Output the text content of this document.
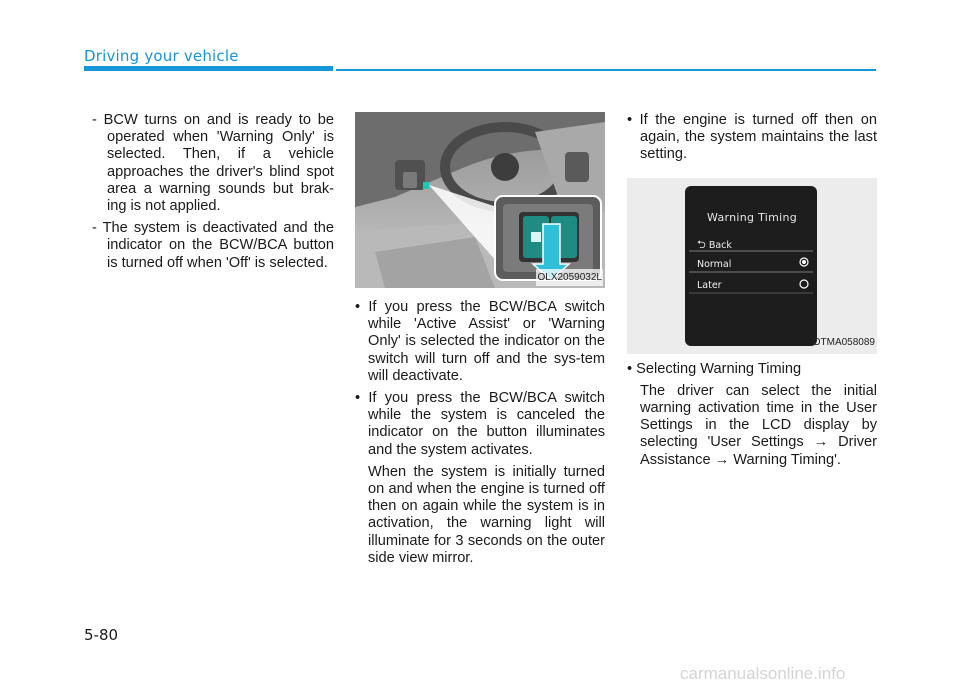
Driving your vehicle

- BCW turns on and is ready to be operated when 'Warning Only' is selected. Then, if a vehicle approaches the driver's blind spot area a warning sounds but brak-ing is not applied.

- The system is deactivated and the indicator on the BCW/BCA button is turned off when 'Off' is selected.

OLX2059032L

• If you press the BCW/BCA switch while 'Active Assist' or 'Warning Only' is selected the indicator on the switch will turn off and the sys-tem will deactivate.

• If you press the BCW/BCA switch while the system is canceled the indicator on the button illuminates and the system activates.

When the system is initially turned on and when the engine is turned off then on again while the system is in activation, the warning light will illuminate for 3 seconds on the outer side view mirror.

• If the engine is turned off then on again, the system maintains the last setting.

Warning Timing
⮌ Back
Normal
Later
OTMA058089

• Selecting Warning Timing

The driver can select the initial warning activation time in the User Settings in the LCD display by selecting 'User Settings → Driver Assistance → Warning Timing'.

5-80
carmanualsonline.info
